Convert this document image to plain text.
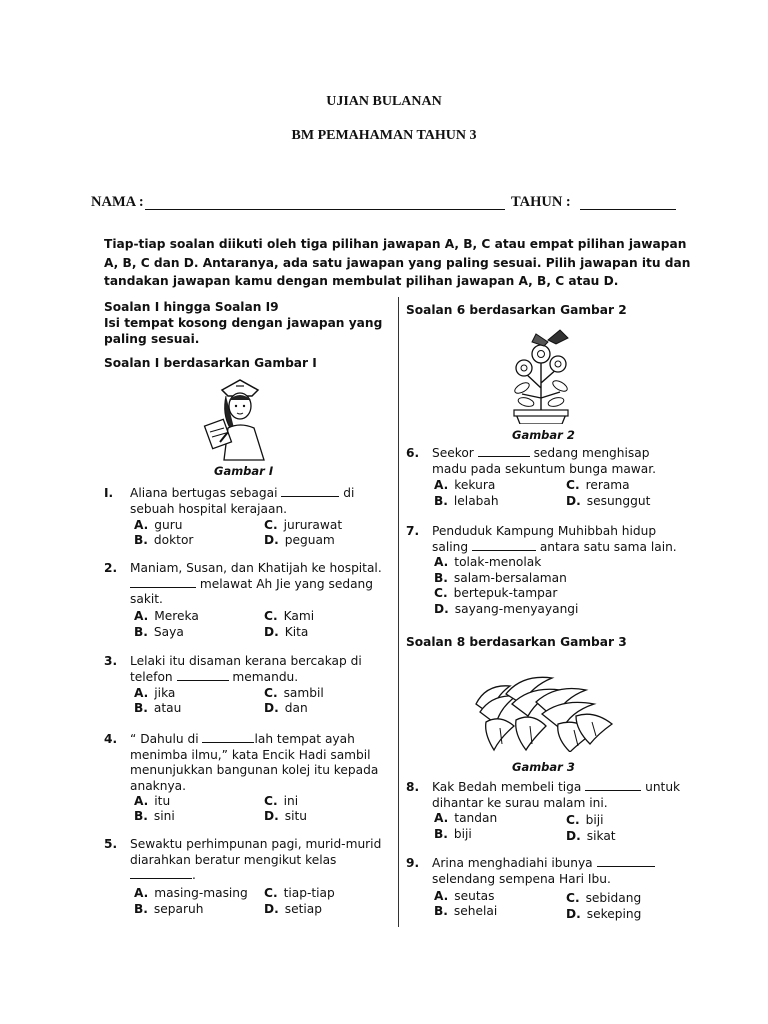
UJIAN BULANAN
BM PEMAHAMAN TAHUN 3
NAMA :	TAHUN :
Tiap-tiap soalan diikuti oleh tiga pilihan jawapan A, B, C atau empat pilihan jawapan A, B, C dan D. Antaranya, ada satu jawapan yang paling sesuai. Pilih jawapan itu dan tandakan jawapan kamu dengan membulat pilihan jawapan A, B, C atau D.
Soalan I hingga Soalan I9
Isi tempat kosong dengan jawapan yang paling sesuai.
Soalan I berdasarkan Gambar I
Gambar I
I. Aliana bertugas sebagai	di
sebuah hospital kerajaan.
A. guru
B. doktor
C. jururawat
D. peguam
2. Maniam, Susan, dan Khatijah ke hospital.
melawat Ah Jie yang sedang
sakit.
A. Mereka
B. Saya
C. Kami
D. Kita
3. Lelaki itu disaman kerana bercakap di
telefon	memandu.
A. jika
B. atau
C. sambil
D. dan
4. “ Dahulu di	lah tempat ayah
menimba ilmu,” kata Encik Hadi sambil
menunjukkan bangunan kolej itu kepada
anaknya.
A. itu
B. sini
C. ini
D. situ
5. Sewaktu perhimpunan pagi, murid-murid
diarahkan beratur mengikut kelas
.
A. masing-masing
B. separuh
C. tiap-tiap
D. setiap
Soalan 6 berdasarkan Gambar 2
Gambar 2
6. Seekor	sedang menghisap
madu pada sekuntum bunga mawar.
A. kekura
B. lelabah
C. rerama
D. sesunggut
7. Penduduk Kampung Muhibbah hidup
saling	antara satu sama lain.
A. tolak-menolak
B. salam-bersalaman
C. bertepuk-tampar
D. sayang-menyayangi
Soalan 8 berdasarkan Gambar 3
Gambar 3
8. Kak Bedah membeli tiga	untuk
dihantar ke surau malam ini.
A. tandan
B. biji
C. biji
D. sikat
9. Arina menghadiahi ibunya
selendang sempena Hari Ibu.
A. seutas
B. sehelai
C. sebidang
D. sekeping
